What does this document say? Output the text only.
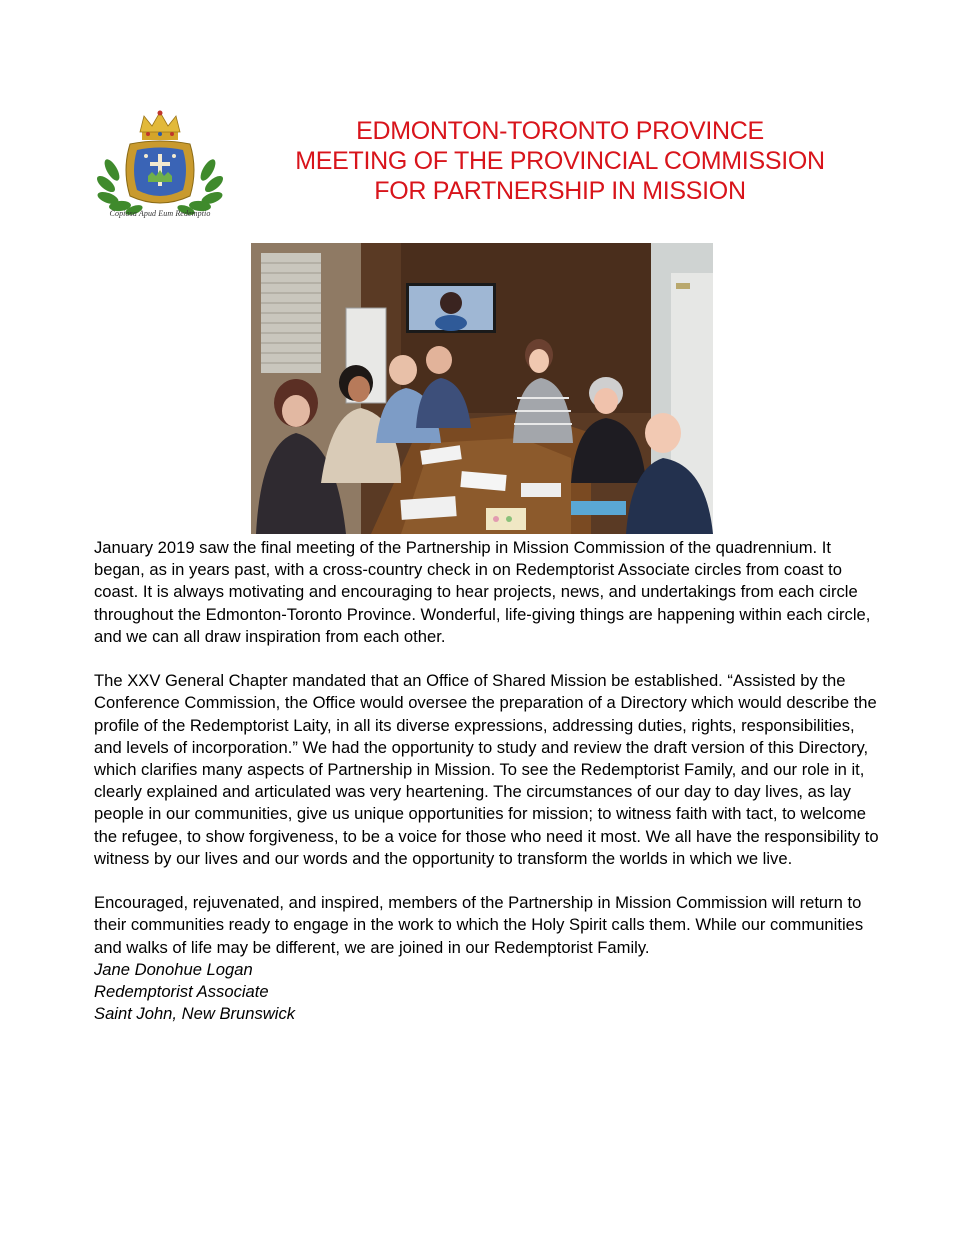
Copiosa Apud Eum Redemptio
EDMONTON-TORONTO PROVINCE
MEETING OF THE PROVINCIAL COMMISSION
FOR PARTNERSHIP IN MISSION

January 2019 saw the final meeting of the Partnership in Mission Commission of the quadrennium. It began, as in years past, with a cross-country check in on Redemptorist Associate circles from coast to coast. It is always motivating and encouraging to hear projects, news, and undertakings from each circle throughout the Edmonton-Toronto Province. Wonderful, life-giving things are happening within each circle, and we can all draw inspiration from each other.

The XXV General Chapter mandated that an Office of Shared Mission be established. “Assisted by the Conference Commission, the Office would oversee the preparation of a Directory which would describe the profile of the Redemptorist Laity, in all its diverse expressions, addressing duties, rights, responsibilities, and levels of incorporation.” We had the opportunity to study and review the draft version of this Directory, which clarifies many aspects of Partnership in Mission. To see the Redemptorist Family, and our role in it, clearly explained and articulated was very heartening. The circumstances of our day to day lives, as lay people in our communities, give us unique opportunities for mission; to witness faith with tact, to welcome the refugee, to show forgiveness, to be a voice for those who need it most. We all have the responsibility to witness by our lives and our words and the opportunity to transform the worlds in which we live.

Encouraged, rejuvenated, and inspired, members of the Partnership in Mission Commission will return to their communities ready to engage in the work to which the Holy Spirit calls them. While our communities and walks of life may be different, we are joined in our Redemptorist Family.

Jane Donohue Logan
Redemptorist Associate
Saint John, New Brunswick
